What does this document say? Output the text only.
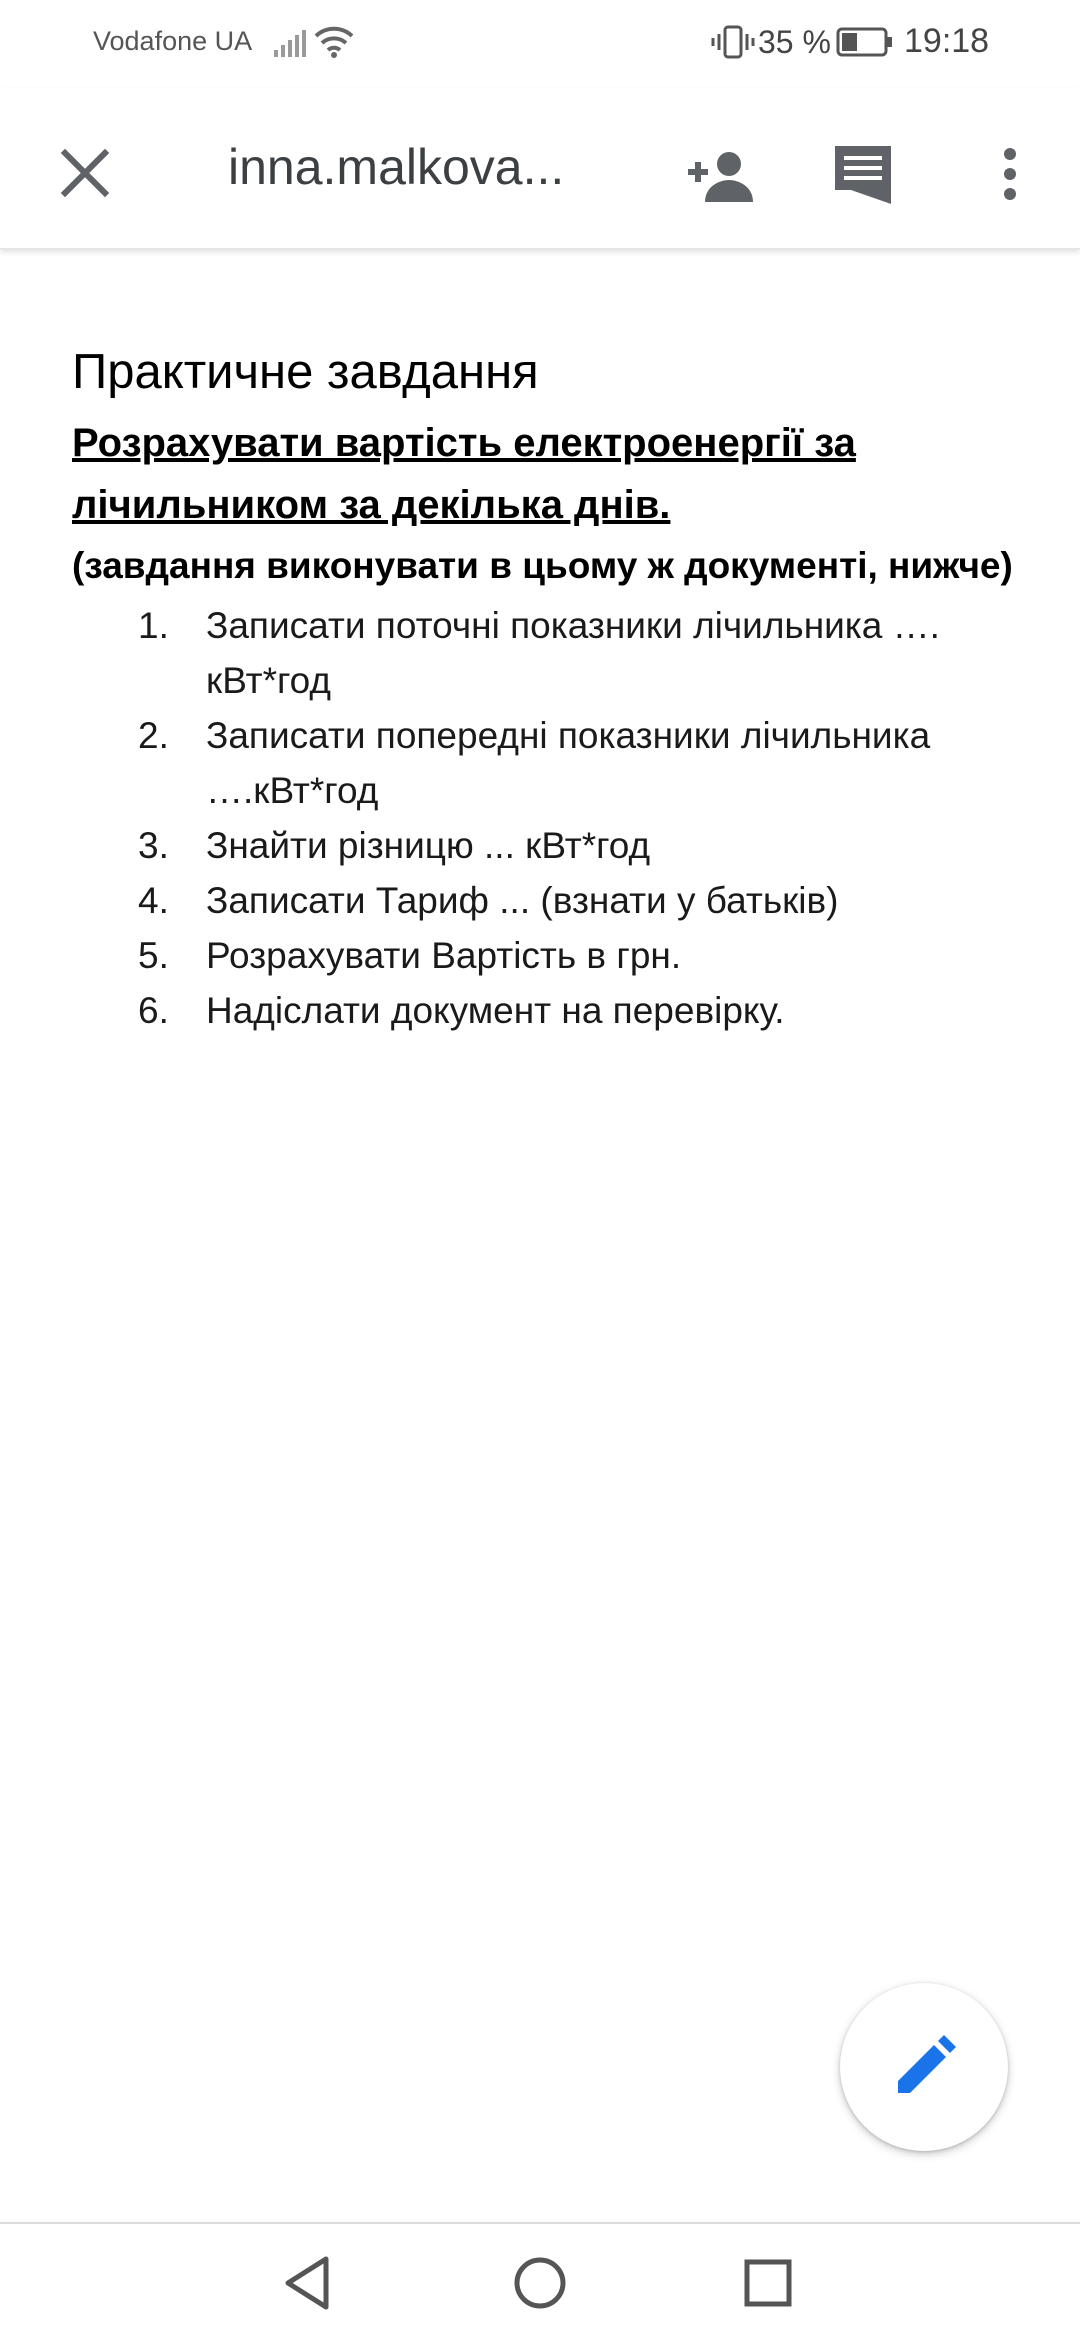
Vodafone UA	35 % 19:18
inna.malkova...
Практичне завдання

Розрахувати вартість електроенергії за лічильником за декілька днів.

(завдання виконувати в цьому ж документі, нижче)

1.	Записати поточні показники лічильника …. кВт*год
2.	Записати попередні показники лічильника ….кВт*год
3.	Знайти різницю ... кВт*год
4.	Записати Тариф ... (взнати у батьків)
5.	Розрахувати Вартість в грн.
6.	Надіслати документ на перевірку.
